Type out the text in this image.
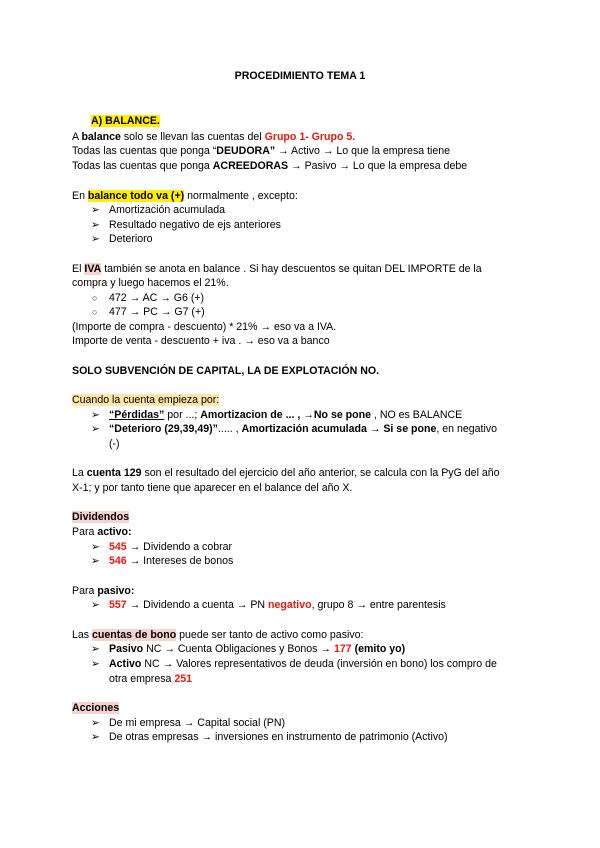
PROCEDIMIENTO TEMA 1
A) BALANCE.
A balance solo se llevan las cuentas del Grupo 1- Grupo 5.
Todas las cuentas que ponga “DEUDORA” → Activo → Lo que la empresa tiene
Todas las cuentas que ponga ACREEDORAS → Pasivo → Lo que la empresa debe
En balance todo va (+) normalmente , excepto:
➢ Amortización acumulada
➢ Resultado negativo de ejs anteriores
➢ Deterioro
El IVA también se anota en balance . Si hay descuentos se quitan DEL IMPORTE de la
compra y luego hacemos el 21%.
○ 472 → AC → G6 (+)
○ 477 → PC → G7 (+)
(Importe de compra - descuento) * 21% → eso va a IVA.
Importe de venta - descuento + iva . → eso va a banco
SOLO SUBVENCIÓN DE CAPITAL, LA DE EXPLOTACIÓN NO.
Cuando la cuenta empieza por:
➢ “Pérdidas” por ...; Amortizacion de ... , →No se pone , NO es BALANCE
➢ “Deterioro (29,39,49)”..... , Amortización acumulada → Si se pone, en negativo
(-)
La cuenta 129 son el resultado del ejercicio del año anterior, se calcula con la PyG del año
X-1; y por tanto tiene que aparecer en el balance del año X.
Dividendos
Para activo:
➢ 545 → Dividendo a cobrar
➢ 546 → Intereses de bonos
Para pasivo:
➢ 557 → Dividendo a cuenta → PN negativo, grupo 8 → entre parentesis
Las cuentas de bono puede ser tanto de activo como pasivo:
➢ Pasivo NC → Cuenta Obligaciones y Bonos → 177 (emito yo)
➢ Activo NC → Valores representativos de deuda (inversión en bono) los compro de
otra empresa 251
Acciones
➢ De mi empresa → Capital social (PN)
➢ De otras empresas → inversiones en instrumento de patrimonio (Activo)
